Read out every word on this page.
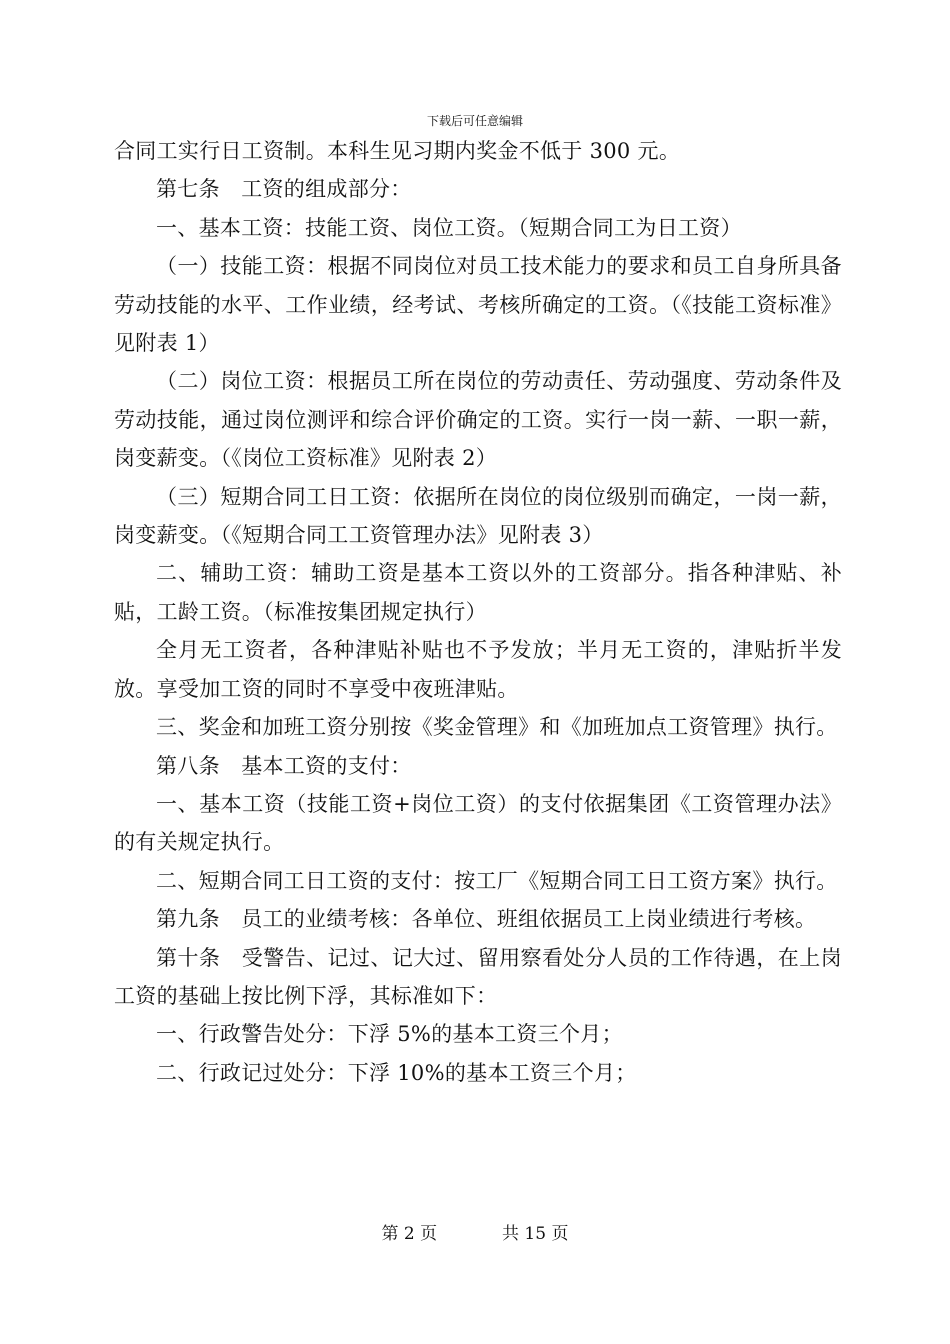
下载后可任意编辑

合同工实行日工资制。本科生见习期内奖金不低于 300 元。

第七条　工资的组成部分：

一、基本工资：技能工资、岗位工资。（短期合同工为日工资）

（一）技能工资：根据不同岗位对员工技术能力的要求和员工自身所具备劳动技能的水平、工作业绩，经考试、考核所确定的工资。（《技能工资标准》见附表 1）

（二）岗位工资：根据员工所在岗位的劳动责任、劳动强度、劳动条件及劳动技能，通过岗位测评和综合评价确定的工资。实行一岗一薪、一职一薪，岗变薪变。（《岗位工资标准》见附表 2）

（三）短期合同工日工资：依据所在岗位的岗位级别而确定，一岗一薪，岗变薪变。（《短期合同工工资管理办法》见附表 3）

二、辅助工资：辅助工资是基本工资以外的工资部分。指各种津贴、补贴，工龄工资。（标准按集团规定执行）

全月无工资者，各种津贴补贴也不予发放；半月无工资的，津贴折半发放。享受加工资的同时不享受中夜班津贴。

三、奖金和加班工资分别按《奖金管理》和《加班加点工资管理》执行。

第八条　基本工资的支付：

一、基本工资（技能工资+岗位工资）的支付依据集团《工资管理办法》的有关规定执行。

二、短期合同工日工资的支付：按工厂《短期合同工日工资方案》执行。

第九条　员工的业绩考核：各单位、班组依据员工上岗业绩进行考核。

第十条　受警告、记过、记大过、留用察看处分人员的工作待遇，在上岗工资的基础上按比例下浮，其标准如下：

一、行政警告处分：下浮 5%的基本工资三个月；

二、行政记过处分：下浮 10%的基本工资三个月；

第 2 页            共 15 页
